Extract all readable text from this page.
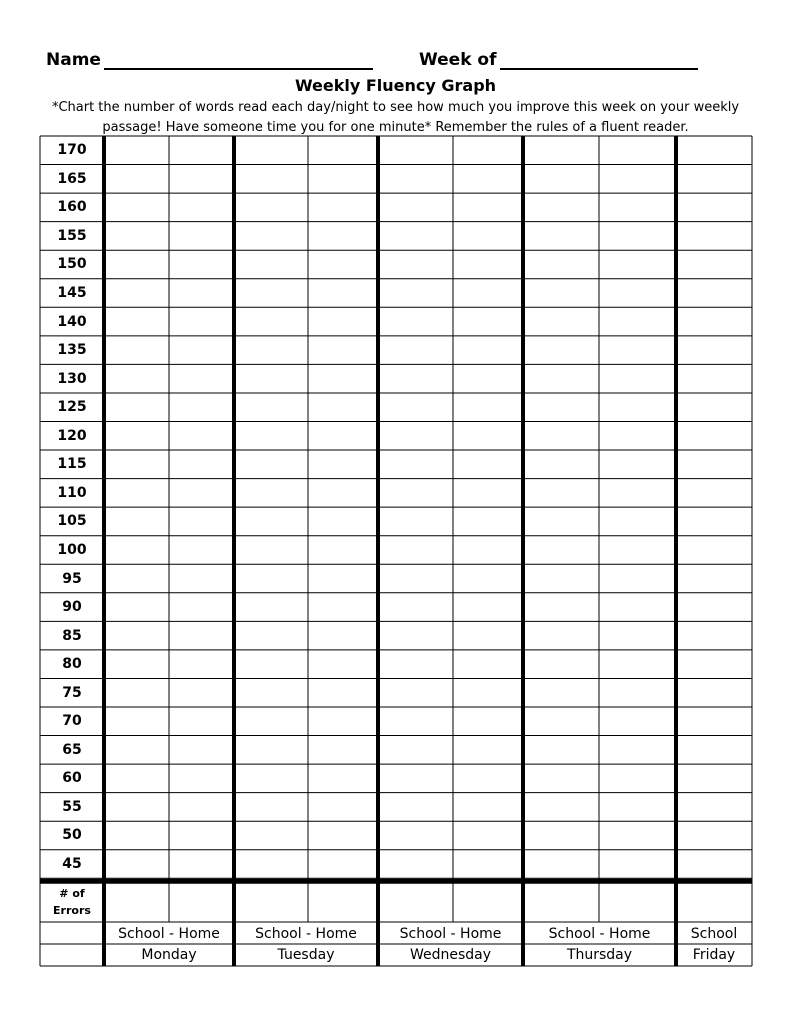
Name	Week of
Weekly Fluency Graph
*Chart the number of words read each day/night to see how much you improve this week on your weekly
passage! Have someone time you for one minute* Remember the rules of a fluent reader.
170
165
160
155
150
145
140
135
130
125
120
115
110
105
100
95
90
85
80
75
70
65
60
55
50
45
# of
Errors
School - Home
Monday
School - Home
Tuesday
School - Home
Wednesday
School - Home
Thursday
School
Friday
